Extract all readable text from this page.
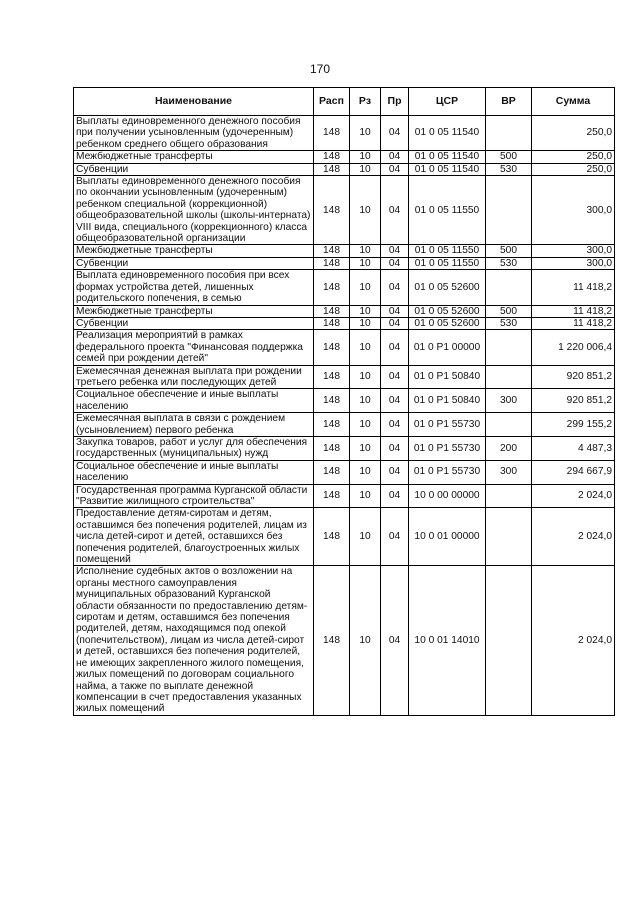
170
Наименование	Расп	Рз	Пр	ЦСР	ВР	Сумма
Выплаты единовременного денежного пособия при получении усыновленным (удочеренным) ребенком среднего общего образования	148	10	04	01 0 05 11540		250,0
Межбюджетные трансферты	148	10	04	01 0 05 11540	500	250,0
Субвенции	148	10	04	01 0 05 11540	530	250,0
Выплаты единовременного денежного пособия по окончании усыновленным (удочеренным) ребенком специальной (коррекционной) общеобразовательной школы (школы-интерната) VIII вида, специального (коррекционного) класса общеобразовательной организации	148	10	04	01 0 05 11550		300,0
Межбюджетные трансферты	148	10	04	01 0 05 11550	500	300,0
Субвенции	148	10	04	01 0 05 11550	530	300,0
Выплата единовременного пособия при всех формах устройства детей, лишенных родительского попечения, в семью	148	10	04	01 0 05 52600		11 418,2
Межбюджетные трансферты	148	10	04	01 0 05 52600	500	11 418,2
Субвенции	148	10	04	01 0 05 52600	530	11 418,2
Реализация мероприятий в рамках федерального проекта "Финансовая поддержка семей при рождении детей"	148	10	04	01 0 P1 00000		1 220 006,4
Ежемесячная денежная выплата при рождении третьего ребенка или последующих детей	148	10	04	01 0 P1 50840		920 851,2
Социальное обеспечение и иные выплаты населению	148	10	04	01 0 P1 50840	300	920 851,2
Ежемесячная выплата в связи с рождением (усыновлением) первого ребенка	148	10	04	01 0 P1 55730		299 155,2
Закупка товаров, работ и услуг для обеспечения государственных (муниципальных) нужд	148	10	04	01 0 P1 55730	200	4 487,3
Социальное обеспечение и иные выплаты населению	148	10	04	01 0 P1 55730	300	294 667,9
Государственная программа Курганской области "Развитие жилищного строительства"	148	10	04	10 0 00 00000		2 024,0
Предоставление детям-сиротам и детям, оставшимся без попечения родителей, лицам из числа детей-сирот и детей, оставшихся без попечения родителей, благоустроенных жилых помещений	148	10	04	10 0 01 00000		2 024,0
Исполнение судебных актов о возложении на органы местного самоуправления муниципальных образований Курганской области обязанности по предоставлению детям-сиротам и детям, оставшимся без попечения родителей, детям, находящимся под опекой (попечительством), лицам из числа детей-сирот и детей, оставшихся без попечения родителей, не имеющих закрепленного жилого помещения, жилых помещений по договорам социального найма, а также по выплате денежной компенсации в счет предоставления указанных жилых помещений	148	10	04	10 0 01 14010		2 024,0
